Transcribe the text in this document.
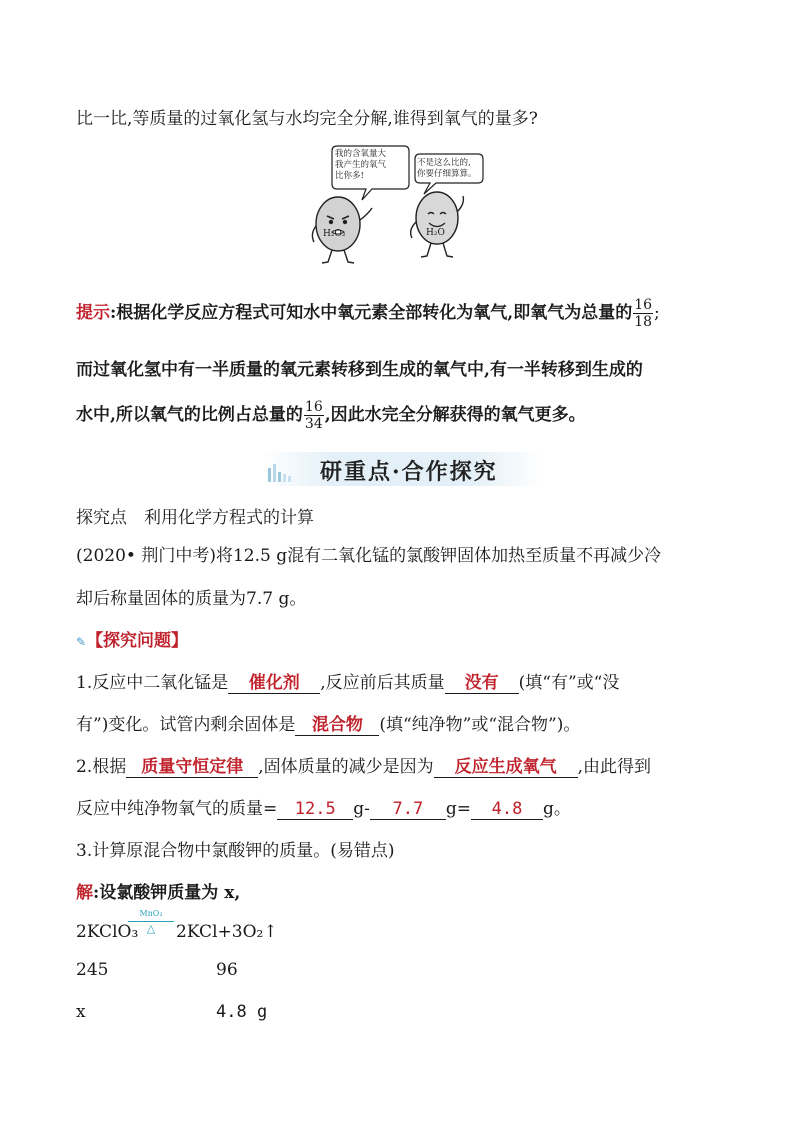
比一比,等质量的过氧化氢与水均完全分解,谁得到氧气的量多?
我的含氧量大
我产生的氧气
比你多!
不是这么比的,
你要仔细算算。
H₂O₂	H₂O
提示:根据化学反应方程式可知水中氧元素全部转化为氧气,即氧气为总量的 $\frac{16}{18}$ ;
而过氧化氢中有一半质量的氧元素转移到生成的氧气中,有一半转移到生成的
水中,所以氧气的比例占总量的 $\frac{16}{34}$ ,因此水完全分解获得的氧气更多。
研重点·合作探究
探究点　利用化学方程式的计算
(2020• 荆门中考)将12.5 g混有二氧化锰的氯酸钾固体加热至质量不再减少冷
却后称量固体的质量为7.7 g。
✎【探究问题】
1.反应中二氧化锰是 催化剂 ,反应前后其质量 没有 (填“有”或“没
有”)变化。试管内剩余固体是 混合物 (填“纯净物”或“混合物”)。
2.根据 质量守恒定律 ,固体质量的减少是因为 反应生成氧气 ,由此得到
反应中纯净物氧气的质量= 12.5 g- 7.7 g= 4.8 g。
3.计算原混合物中氯酸钾的质量。(易错点)
解:设氯酸钾质量为 x,
2KClO₃
MnO₂
△	2KCl+3O₂↑
245	96
x	4.8 g
